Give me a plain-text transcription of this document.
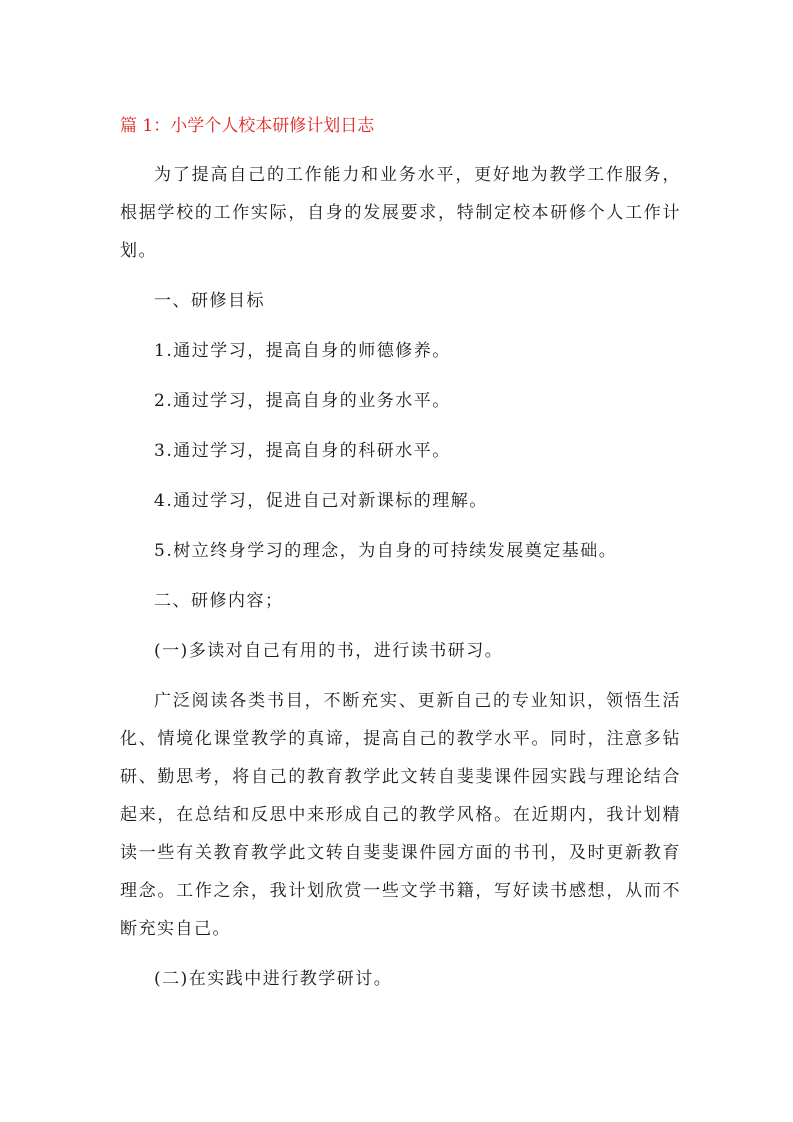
篇 1：小学个人校本研修计划日志

为了提高自己的工作能力和业务水平，更好地为教学工作服务，根据学校的工作实际，自身的发展要求，特制定校本研修个人工作计划。

一、研修目标

1.通过学习，提高自身的师德修养。

2.通过学习，提高自身的业务水平。

3.通过学习，提高自身的科研水平。

4.通过学习，促进自己对新课标的理解。

5.树立终身学习的理念，为自身的可持续发展奠定基础。

二、研修内容；

(一)多读对自己有用的书，进行读书研习。

广泛阅读各类书目，不断充实、更新自己的专业知识，领悟生活化、情境化课堂教学的真谛，提高自己的教学水平。同时，注意多钻研、勤思考，将自己的教育教学此文转自斐斐课件园实践与理论结合起来，在总结和反思中来形成自己的教学风格。在近期内，我计划精读一些有关教育教学此文转自斐斐课件园方面的书刊，及时更新教育理念。工作之余，我计划欣赏一些文学书籍，写好读书感想，从而不断充实自己。

(二)在实践中进行教学研讨。
